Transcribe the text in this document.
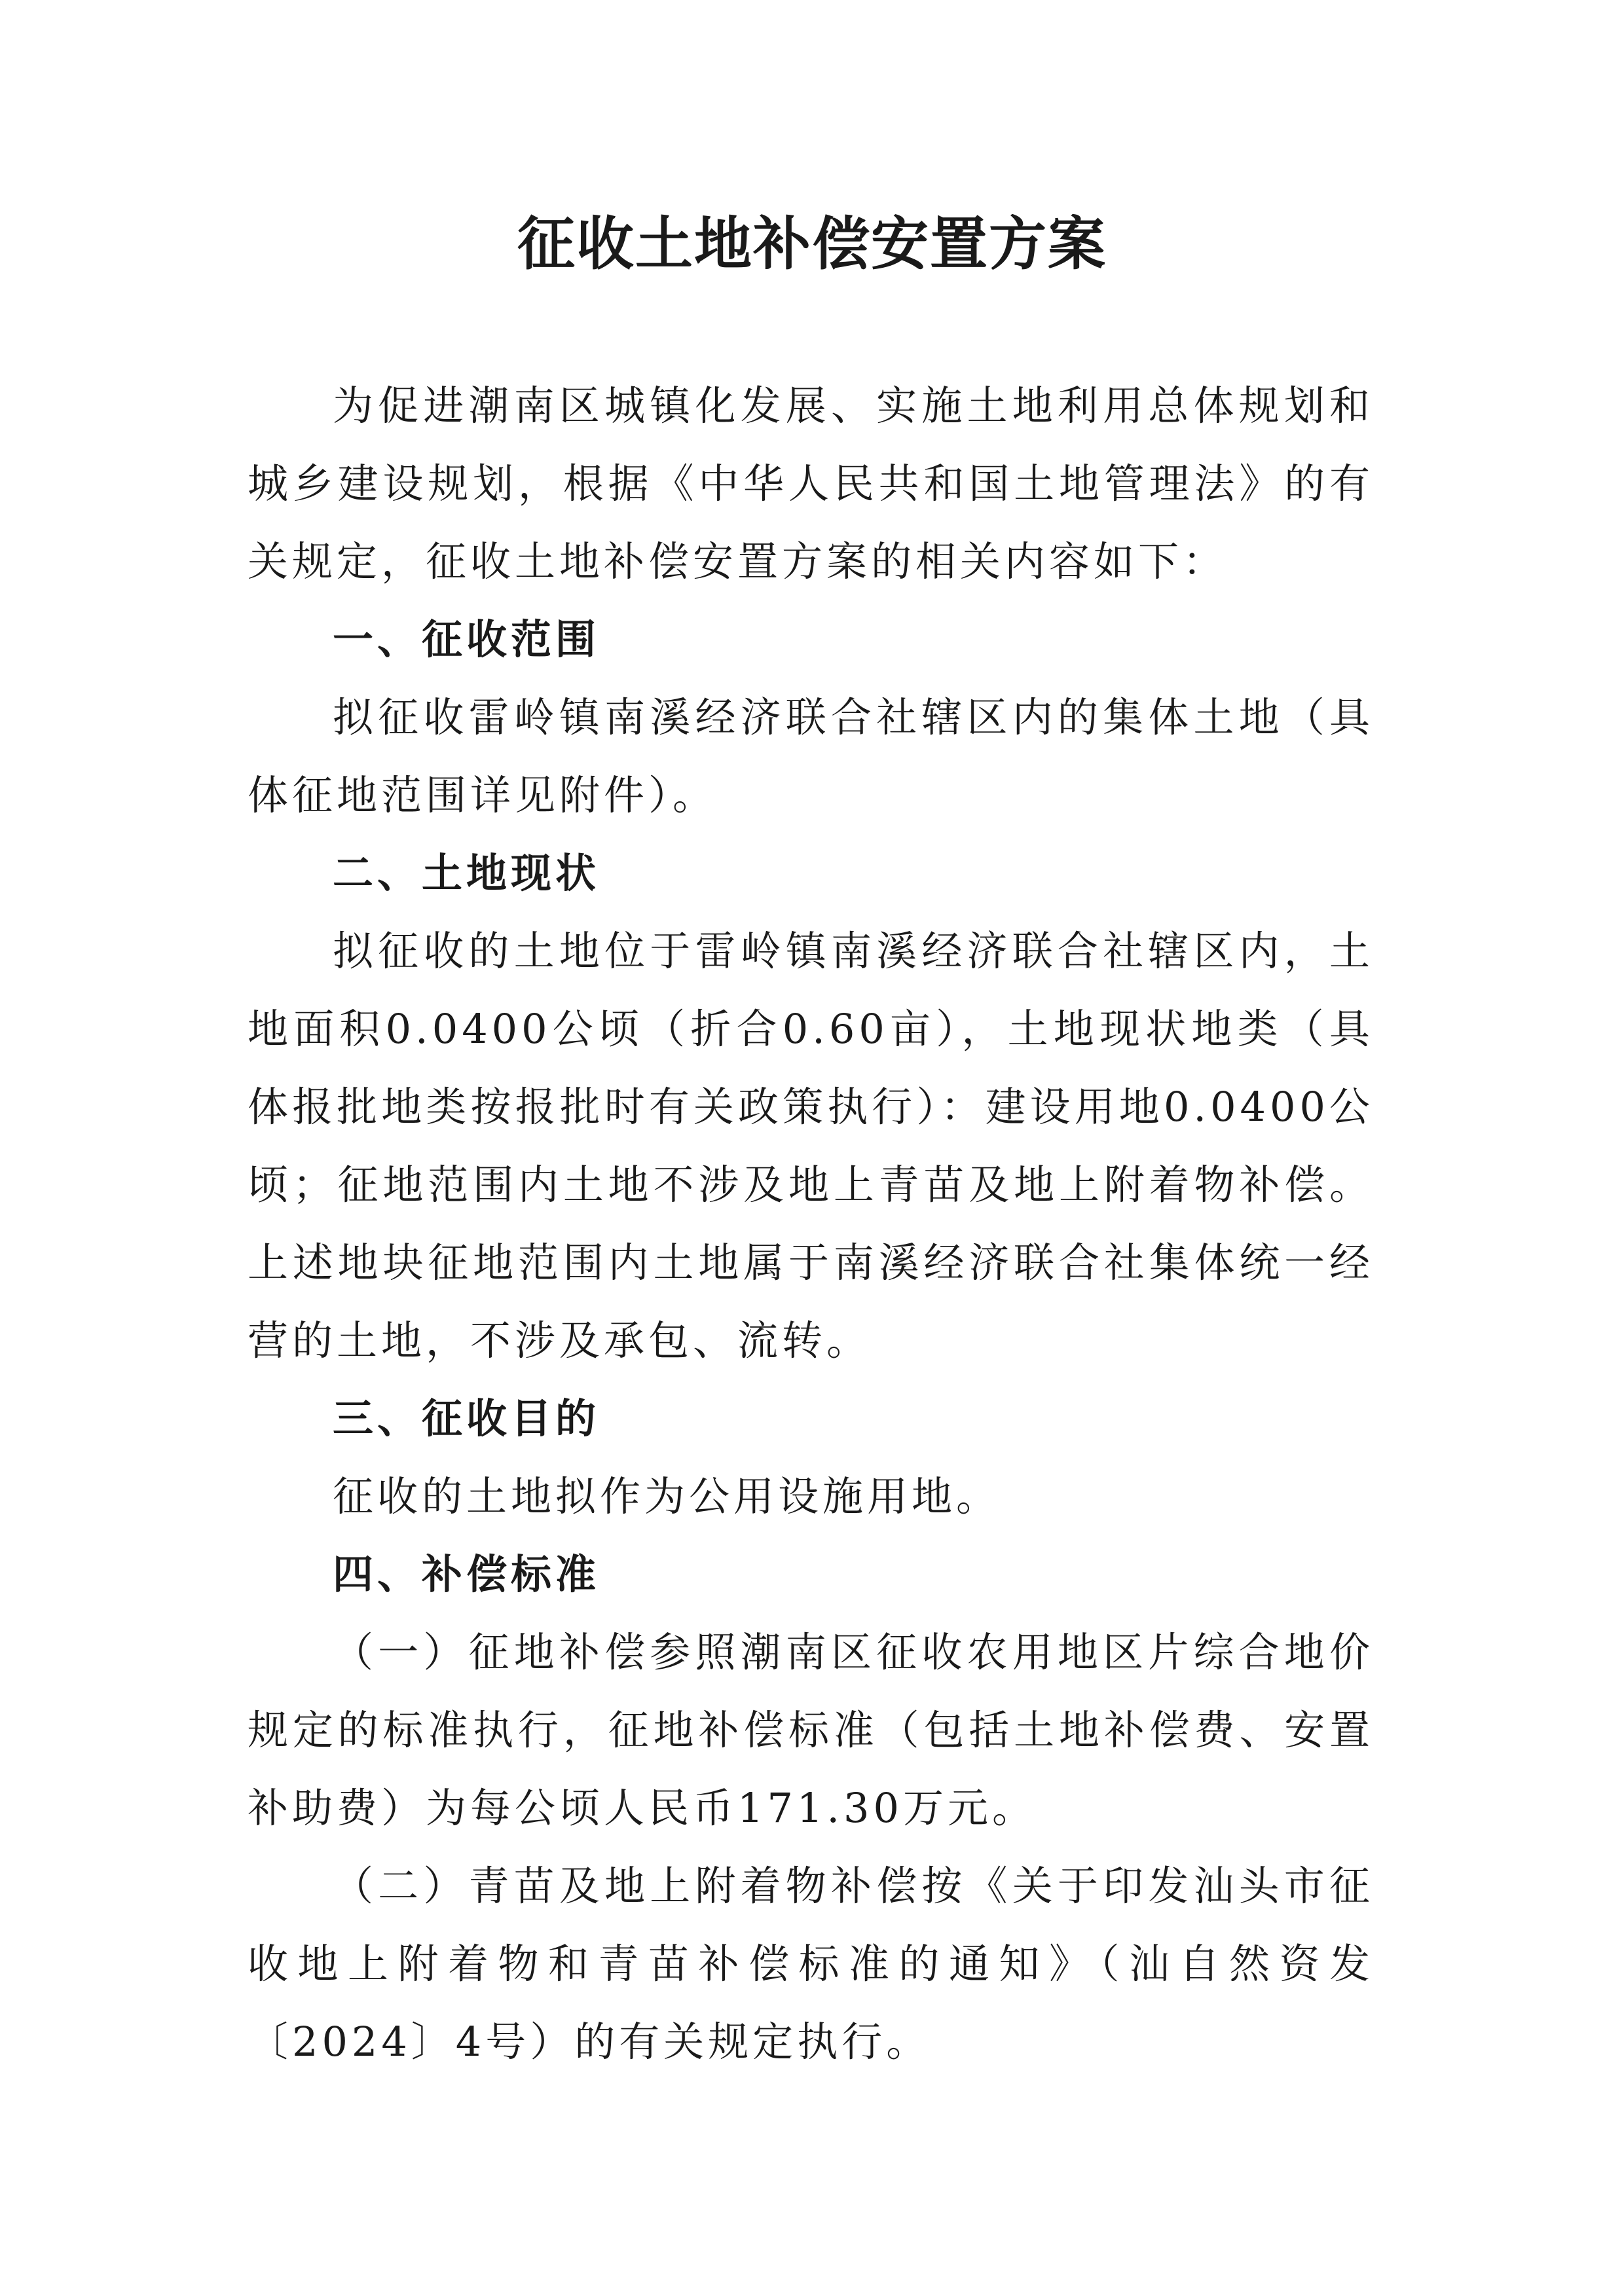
征收土地补偿安置方案

为促进潮南区城镇化发展、实施土地利用总体规划和城乡建设规划，根据《中华人民共和国土地管理法》的有关规定，征收土地补偿安置方案的相关内容如下：

一、征收范围

拟征收雷岭镇南溪经济联合社辖区内的集体土地（具体征地范围详见附件）。

二、土地现状

拟征收的土地位于雷岭镇南溪经济联合社辖区内，土地面积0.0400公顷（折合0.60亩），土地现状地类（具体报批地类按报批时有关政策执行）：建设用地0.0400公顷；征地范围内土地不涉及地上青苗及地上附着物补偿。上述地块征地范围内土地属于南溪经济联合社集体统一经营的土地，不涉及承包、流转。

三、征收目的

征收的土地拟作为公用设施用地。

四、补偿标准

（一）征地补偿参照潮南区征收农用地区片综合地价规定的标准执行，征地补偿标准（包括土地补偿费、安置补助费）为每公顷人民币171.30万元。

（二）青苗及地上附着物补偿按《关于印发汕头市征收地上附着物和青苗补偿标准的通知》（汕自然资发〔2024〕4号）的有关规定执行。
